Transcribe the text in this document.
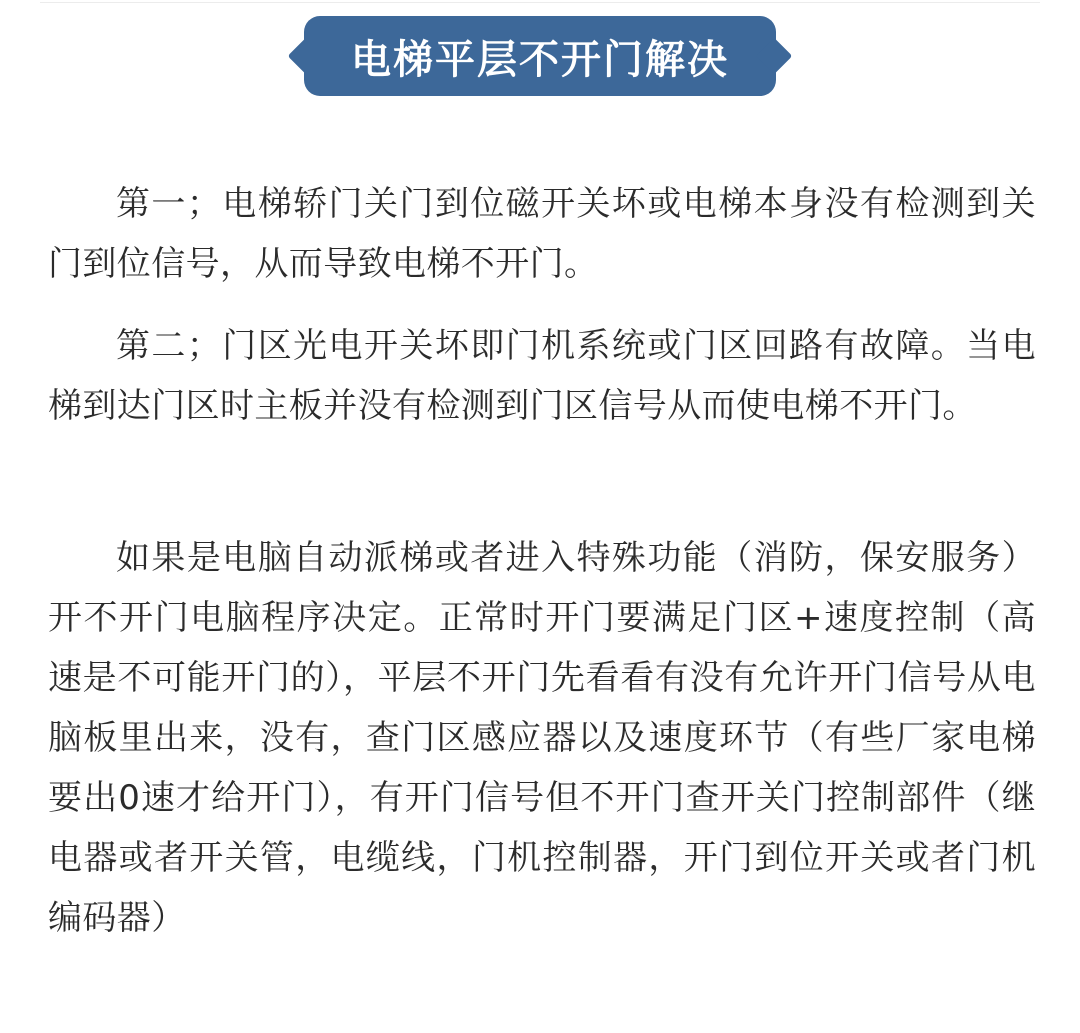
电梯平层不开门解决

第一；电梯轿门关门到位磁开关坏或电梯本身没有检测到关门到位信号，从而导致电梯不开门。

第二；门区光电开关坏即门机系统或门区回路有故障。当电梯到达门区时主板并没有检测到门区信号从而使电梯不开门。

如果是电脑自动派梯或者进入特殊功能（消防，保安服务）开不开门电脑程序决定。正常时开门要满足门区+速度控制（高速是不可能开门的），平层不开门先看看有没有允许开门信号从电脑板里出来，没有，查门区感应器以及速度环节（有些厂家电梯要出0速才给开门），有开门信号但不开门查开关门控制部件（继电器或者开关管，电缆线，门机控制器，开门到位开关或者门机编码器）
